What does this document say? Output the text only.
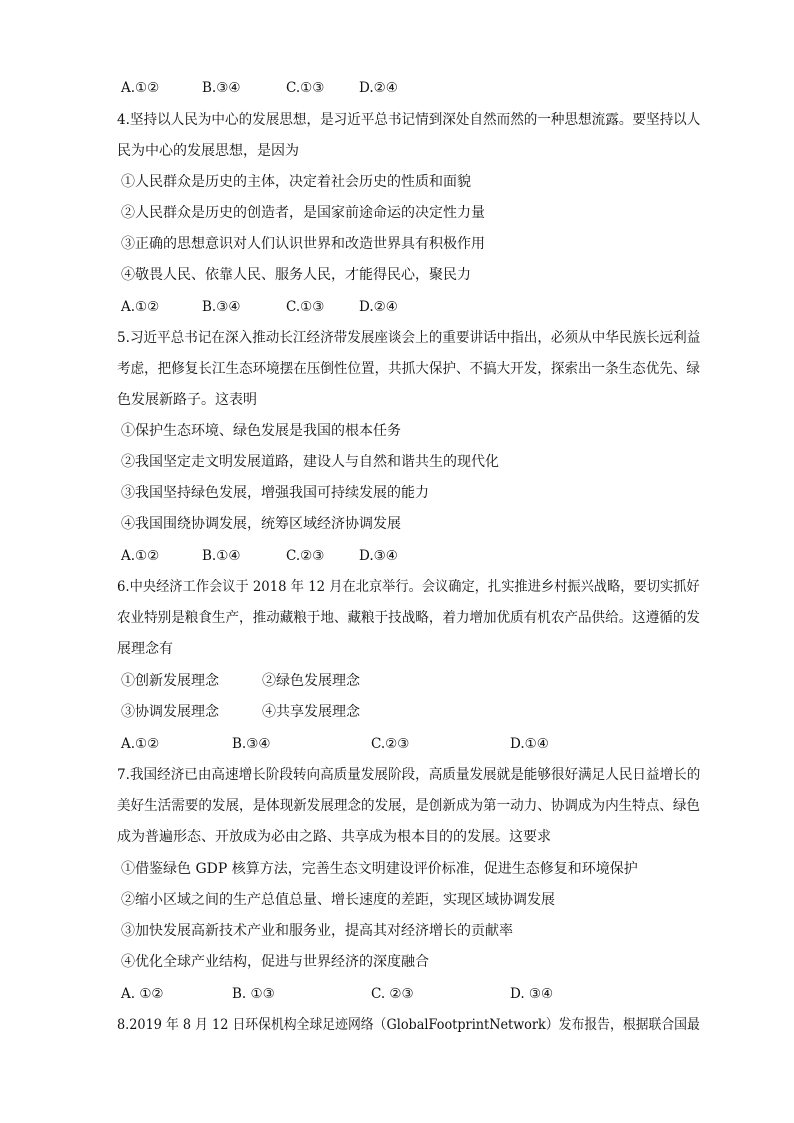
A.①②	B.③④	C.①③	D.②④
4.坚持以人民为中心的发展思想，是习近平总书记情到深处自然而然的一种思想流露。要坚持以人
民为中心的发展思想，是因为
①人民群众是历史的主体，决定着社会历史的性质和面貌
②人民群众是历史的创造者，是国家前途命运的决定性力量
③正确的思想意识对人们认识世界和改造世界具有积极作用
④敬畏人民、依靠人民、服务人民，才能得民心，聚民力
A.①②	B.③④	C.①③	D.②④
5.习近平总书记在深入推动长江经济带发展座谈会上的重要讲话中指出，必须从中华民族长远利益
考虑，把修复长江生态环境摆在压倒性位置，共抓大保护、不搞大开发，探索出一条生态优先、绿
色发展新路子。这表明
①保护生态环境、绿色发展是我国的根本任务
②我国坚定走文明发展道路，建设人与自然和谐共生的现代化
③我国坚持绿色发展，增强我国可持续发展的能力
④我国围绕协调发展，统筹区域经济协调发展
A.①②	B.①④	C.②③	D.③④
6.中央经济工作会议于 2018 年 12 月在北京举行。会议确定，扎实推进乡村振兴战略，要切实抓好
农业特别是粮食生产，推动藏粮于地、藏粮于技战略，着力增加优质有机农产品供给。这遵循的发
展理念有
①创新发展理念	②绿色发展理念
③协调发展理念	④共享发展理念
A.①②	B.③④	C.②③	D.①④
7.我国经济已由高速增长阶段转向高质量发展阶段，高质量发展就是能够很好满足人民日益增长的
美好生活需要的发展，是体现新发展理念的发展，是创新成为第一动力、协调成为内生特点、绿色
成为普遍形态、开放成为必由之路、共享成为根本目的的发展。这要求
①借鉴绿色 GDP 核算方法，完善生态文明建设评价标准，促进生态修复和环境保护
②缩小区域之间的生产总值总量、增长速度的差距，实现区域协调发展
③加快发展高新技术产业和服务业，提高其对经济增长的贡献率
④优化全球产业结构，促进与世界经济的深度融合
A. ①②	B. ①③	C. ②③	D. ③④
8.2019 年 8 月 12 日环保机构全球足迹网络（GlobalFootprintNetwork）发布报告，根据联合国最
